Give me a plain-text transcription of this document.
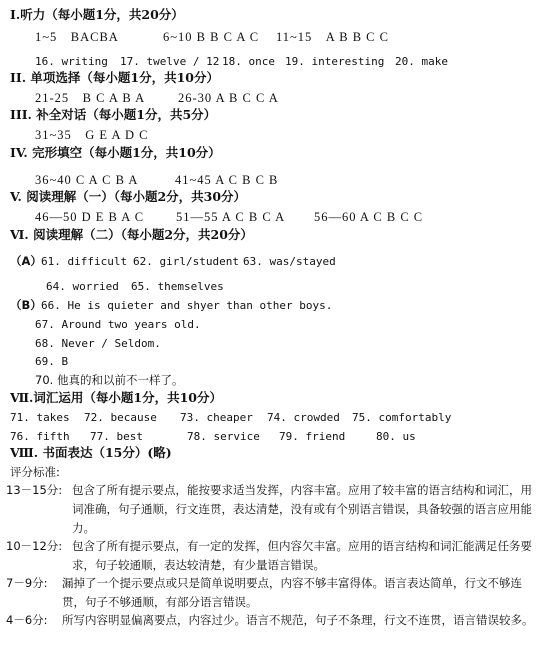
Ⅰ.听力（每小题1分，共20分）
1~5　BACBA	6~10 B B C A C 11~15　A B B C C
16. writing 17. twelve / 12 18. once 19. interesting 20. make
II. 单项选择（每小题1分，共10分）
21-25　B C A B A	26-30 A B C C A
III. 补全对话（每小题1分，共5分）
31~35　G E A D C
IV. 完形填空（每小题1分，共10分）
36~40 C A C B A	41~45 A C B C B
V. 阅读理解（一）（每小题2分，共30分）
46—50 D E B A C	51—55 A C B C A 56—60 A C B C C
Ⅵ. 阅读理解（二）（每小题2分，共20分）
（A） 61. difficult 62. girl/student 63. was/stayed
64. worried 65. themselves
（B） 66. He is quieter and shyer than other boys.
67. Around two years old.
68. Never / Seldom.
69. B
70. 他真的和以前不一样了。
Ⅶ.词汇运用（每小题1分，共10分）
71. takes 72. because 73. cheaper 74. crowded 75. comfortably
76. fifth 77. best	78. service 79. friend	80. us
Ⅷ. 书面表达（15分）(略)
评分标准:
13－15分: 包含了所有提示要点，能按要求适当发挥，内容丰富。应用了较丰富的语言结构和词汇，用词准确，句子通顺，行文连贯，表达清楚，没有或有个别语言错误，具备较强的语言应用能力。
10－12分: 包含了所有提示要点，有一定的发挥，但内容欠丰富。应用的语言结构和词汇能满足任务要求，句子较通顺，表达较清楚，有少量语言错误。
7－9分: 漏掉了一个提示要点或只是简单说明要点，内容不够丰富得体。语言表达简单，行文不够连贯，句子不够通顺，有部分语言错误。
4－6分: 所写内容明显偏离要点，内容过少。语言不规范，句子不条理，行文不连贯，语言错误较多。
